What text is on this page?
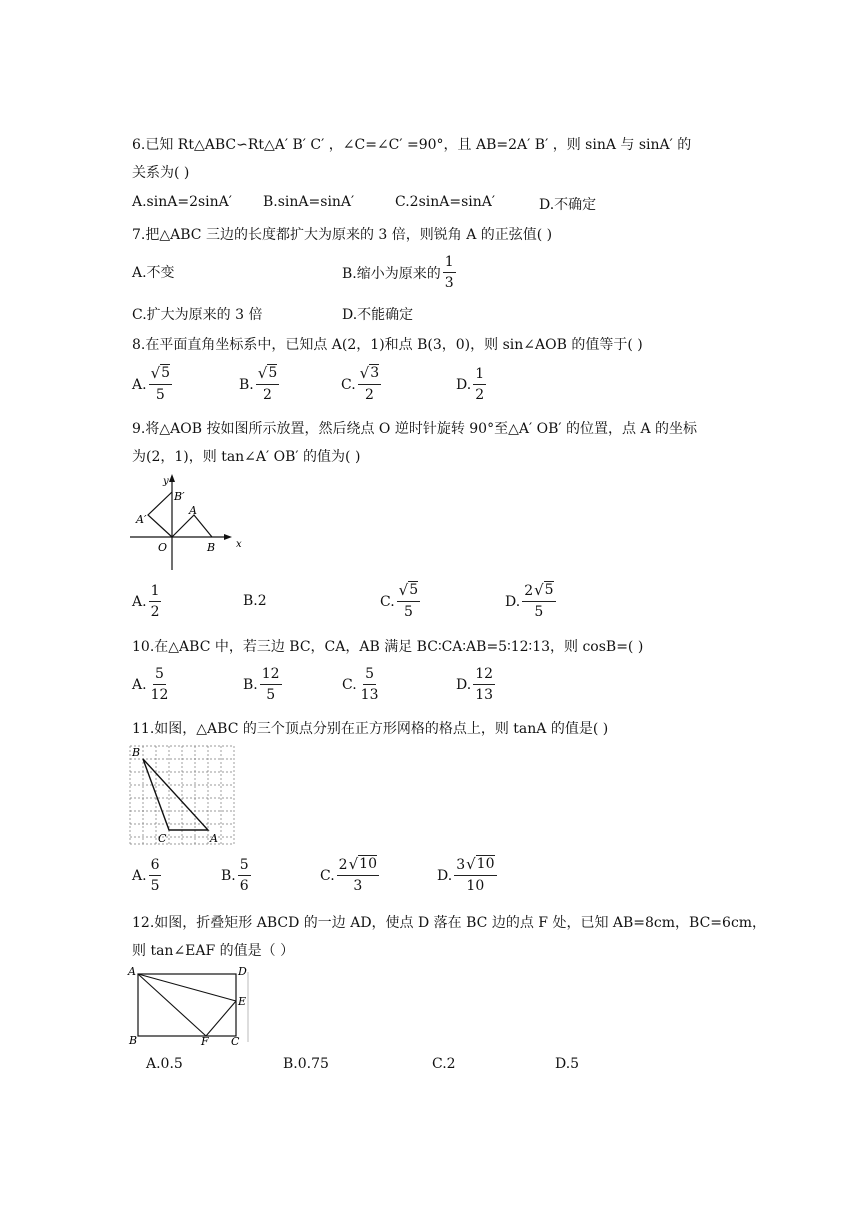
6.已知 Rt△ABC∽Rt△A′ B′ C′ ，∠C=∠C′ =90°，且 AB=2A′ B′ ，则 sinA 与 sinA′ 的
关系为( )
A.sinA=2sinA′ B.sinA=sinA′	C.2sinA=sinA′	D.不确定
7.把△ABC 三边的长度都扩大为原来的 3 倍，则锐角 A 的正弦值( )
A.不变	B.缩小为原来的 $\frac{1}{3}$
C.扩大为原来的 3 倍	D.不能确定
8.在平面直角坐标系中，已知点 A(2，1)和点 B(3，0)，则 sin∠AOB 的值等于( )
A. $\frac{√ 5}{5}$	B. $\frac{√ 5}{2}$	C. $\frac{√ 3}{2}$	D. $\frac{1}{2}$
9.将△AOB 按如图所示放置，然后绕点 O 逆时针旋转 90°至△A′ OB′ 的位置，点 A 的坐标
为(2，1)，则 tan∠A′ OB′ 的值为( )
y
x
O
A
B
A′
B′
A. $\frac{1}{2}$	B.2	C. $\frac{√ 5}{5}$	D. $\frac{2 √ 5}{5}$
10.在△ABC 中，若三边 BC，CA，AB 满足 BC∶CA∶AB=5∶12∶13，则 cosB=( )
A. $\frac{5}{12}$	B. $\frac{12}{5}$	C. $\frac{5}{13}$	D. $\frac{12}{13}$
11.如图，△ABC 的三个顶点分别在正方形网格的格点上，则 tanA 的值是( )
B
C	A
A. $\frac{6}{5}$	B. $\frac{5}{6}$	C. $\frac{2 √ 10}{3}$	D. $\frac{3 √ 10}{10}$
12.如图，折叠矩形 ABCD 的一边 AD，使点 D 落在 BC 边的点 F 处，已知 AB=8cm，BC=6cm，
则 tan∠EAF 的值是（ ）
A	D
E
B	F C
A.0.5	B.0.75	C.2	D.5
